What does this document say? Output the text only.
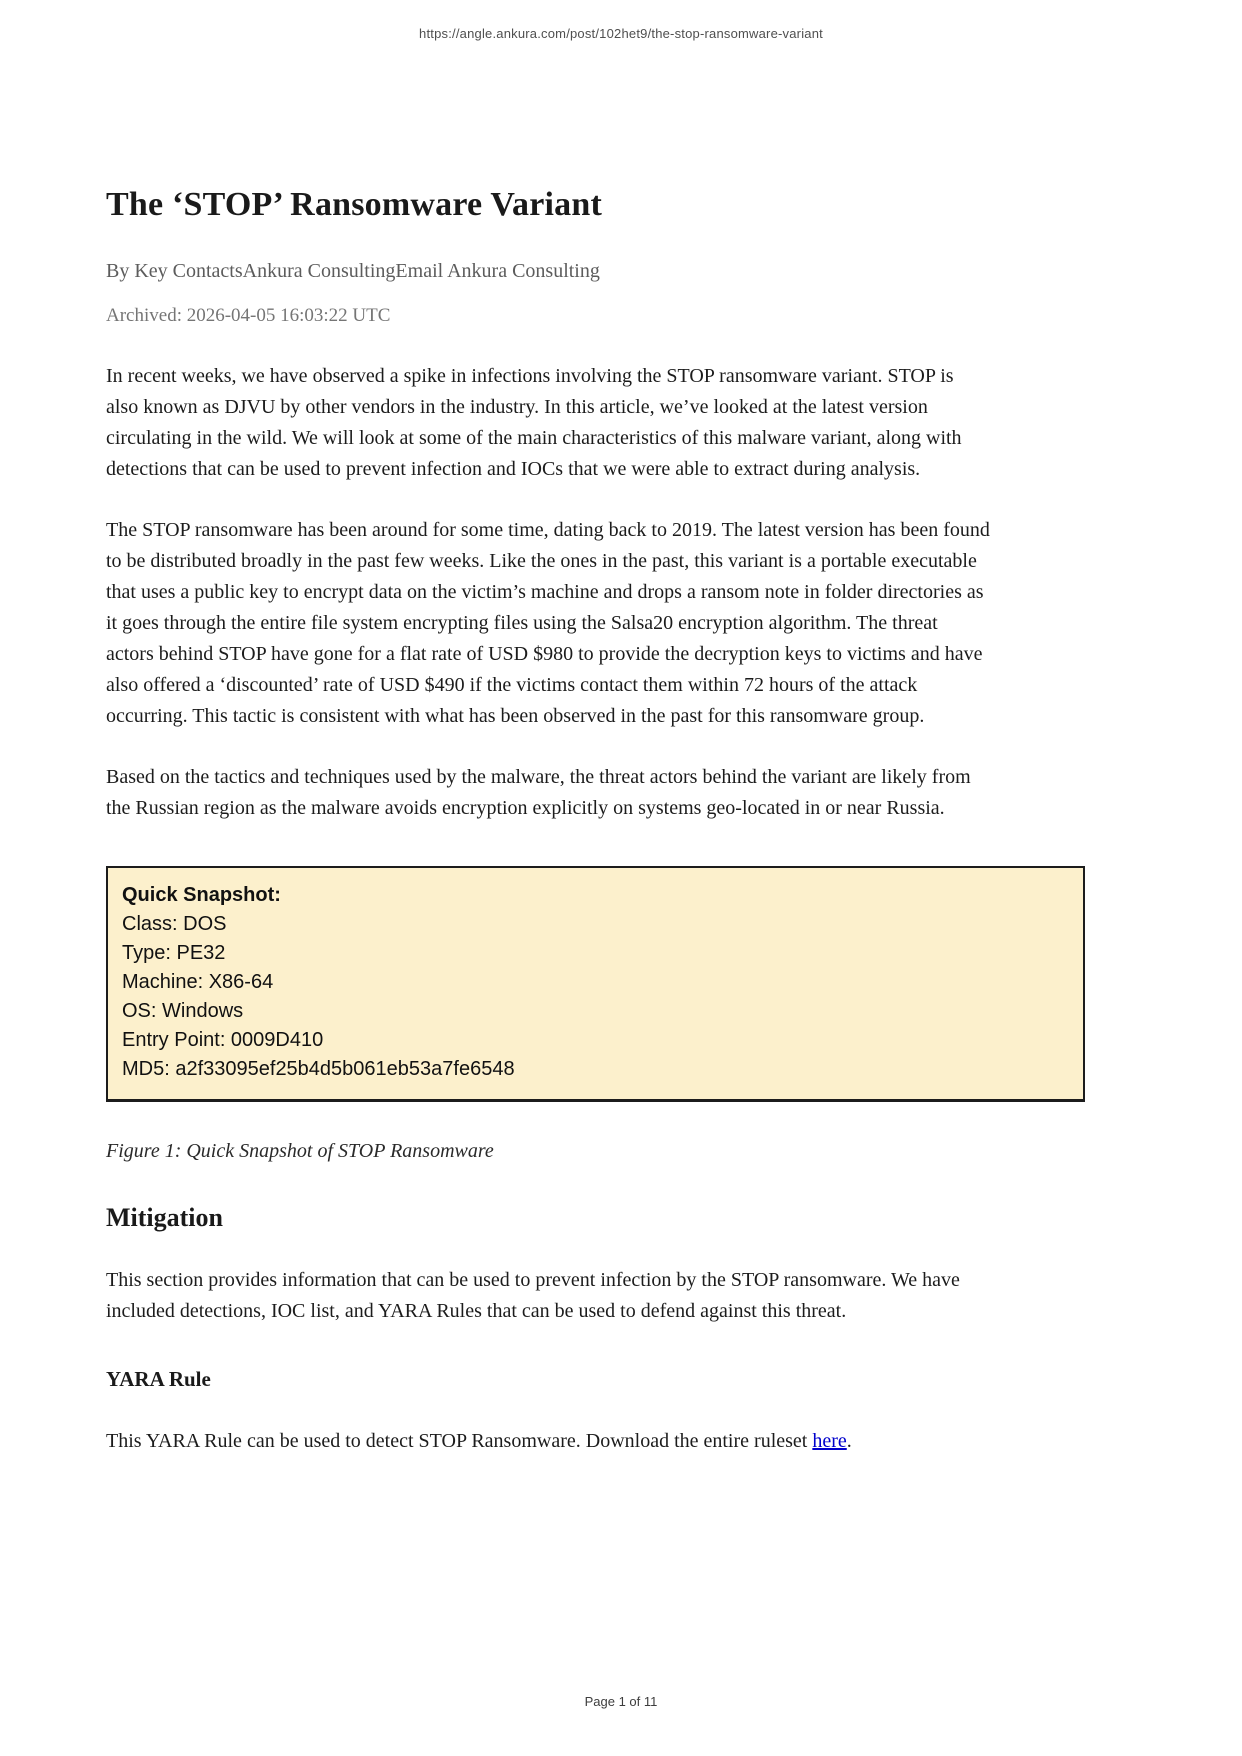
https://angle.ankura.com/post/102het9/the-stop-ransomware-variant
The ‘STOP’ Ransomware Variant
By Key ContactsAnkura ConsultingEmail Ankura Consulting
Archived: 2026-04-05 16:03:22 UTC

In recent weeks, we have observed a spike in infections involving the STOP ransomware variant. STOP is also known as DJVU by other vendors in the industry. In this article, we’ve looked at the latest version circulating in the wild. We will look at some of the main characteristics of this malware variant, along with detections that can be used to prevent infection and IOCs that we were able to extract during analysis.

The STOP ransomware has been around for some time, dating back to 2019. The latest version has been found to be distributed broadly in the past few weeks. Like the ones in the past, this variant is a portable executable that uses a public key to encrypt data on the victim’s machine and drops a ransom note in folder directories as it goes through the entire file system encrypting files using the Salsa20 encryption algorithm. The threat actors behind STOP have gone for a flat rate of USD $980 to provide the decryption keys to victims and have also offered a ‘discounted’ rate of USD $490 if the victims contact them within 72 hours of the attack occurring. This tactic is consistent with what has been observed in the past for this ransomware group.

Based on the tactics and techniques used by the malware, the threat actors behind the variant are likely from the Russian region as the malware avoids encryption explicitly on systems geo-located in or near Russia.

Quick Snapshot:
Class: DOS
Type: PE32
Machine: X86-64
OS: Windows
Entry Point: 0009D410
MD5: a2f33095ef25b4d5b061eb53a7fe6548
Figure 1: Quick Snapshot of STOP Ransomware
Mitigation

This section provides information that can be used to prevent infection by the STOP ransomware. We have included detections, IOC list, and YARA Rules that can be used to defend against this threat.

YARA Rule

This YARA Rule can be used to detect STOP Ransomware. Download the entire ruleset here.

Page 1 of 11
